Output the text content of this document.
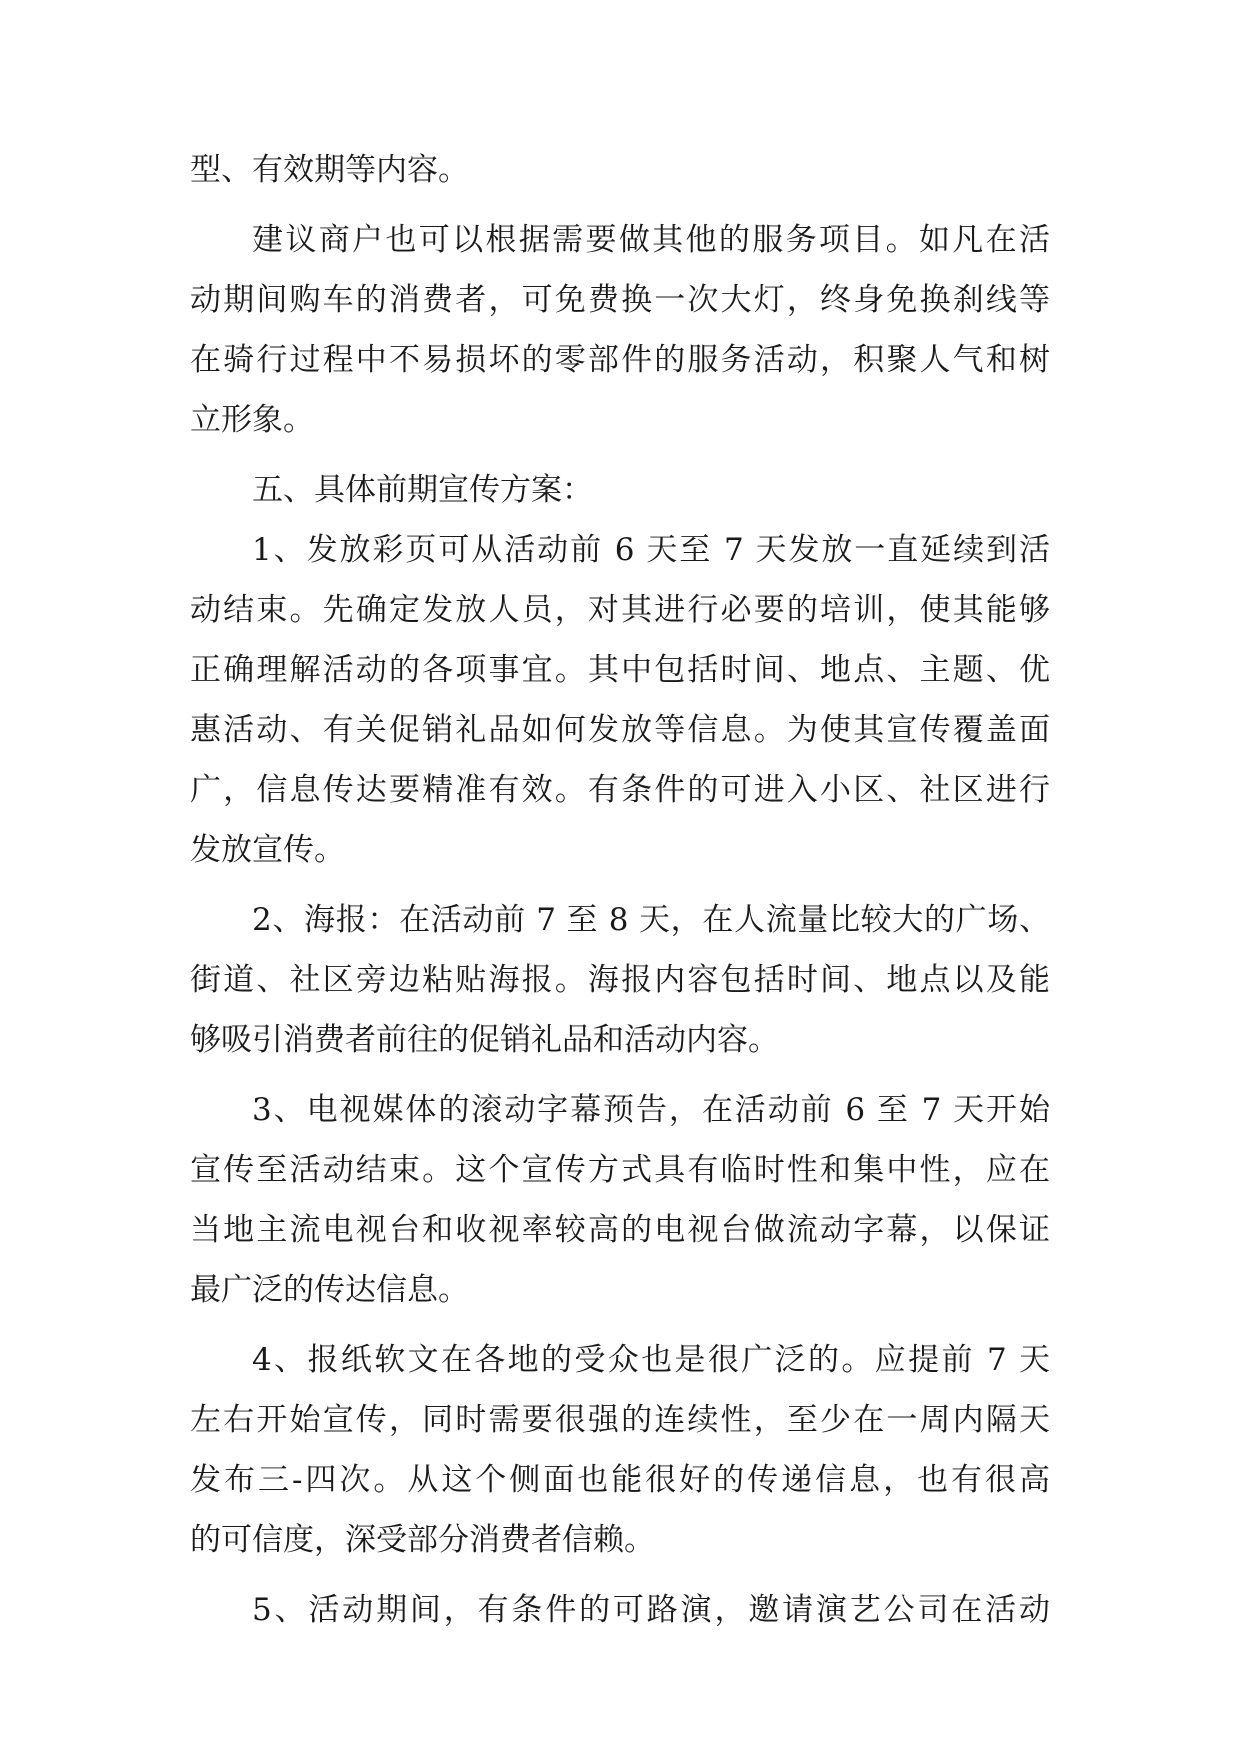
型、有效期等内容。
建议商户也可以根据需要做其他的服务项目。如凡在活
动期间购车的消费者，可免费换一次大灯，终身免换刹线等
在骑行过程中不易损坏的零部件的服务活动，积聚人气和树
立形象。
五、具体前期宣传方案：
1、发放彩页可从活动前 6 天至 7 天发放一直延续到活
动结束。先确定发放人员，对其进行必要的培训，使其能够
正确理解活动的各项事宜。其中包括时间、地点、主题、优
惠活动、有关促销礼品如何发放等信息。为使其宣传覆盖面
广，信息传达要精准有效。有条件的可进入小区、社区进行
发放宣传。
2、海报：在活动前 7 至 8 天，在人流量比较大的广场、
街道、社区旁边粘贴海报。海报内容包括时间、地点以及能
够吸引消费者前往的促销礼品和活动内容。
3、电视媒体的滚动字幕预告，在活动前 6 至 7 天开始
宣传至活动结束。这个宣传方式具有临时性和集中性，应在
当地主流电视台和收视率较高的电视台做流动字幕，以保证
最广泛的传达信息。
4、报纸软文在各地的受众也是很广泛的。应提前 7 天
左右开始宣传，同时需要很强的连续性，至少在一周内隔天
发布三-四次。从这个侧面也能很好的传递信息，也有很高
的可信度，深受部分消费者信赖。
5、活动期间，有条件的可路演，邀请演艺公司在活动
